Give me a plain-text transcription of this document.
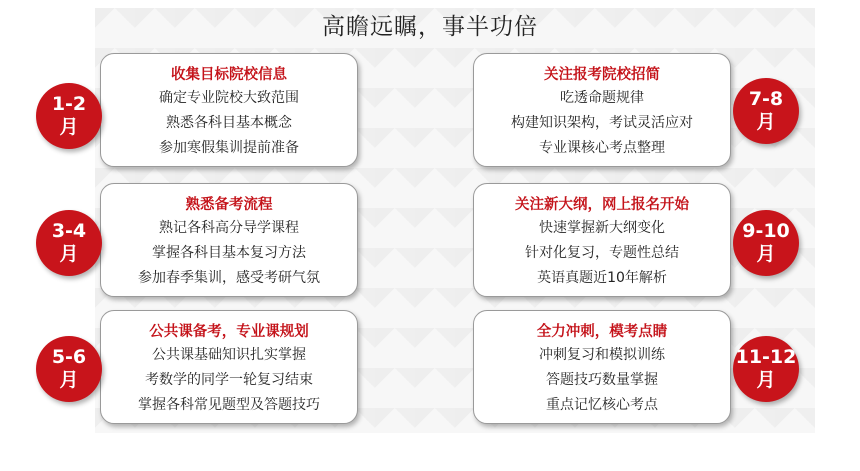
高瞻远瞩，事半功倍
收集目标院校信息
确定专业院校大致范围
熟悉各科目基本概念
参加寒假集训提前准备
1-2
月
熟悉备考流程
熟记各科高分导学课程
掌握各科目基本复习方法
参加春季集训，感受考研气氛
3-4
月
公共课备考，专业课规划
公共课基础知识扎实掌握
考数学的同学一轮复习结束
掌握各科常见题型及答题技巧
5-6
月
关注报考院校招简
吃透命题规律
构建知识架构，考试灵活应对
专业课核心考点整理
7-8
月
关注新大纲，网上报名开始
快速掌握新大纲变化
针对化复习，专题性总结
英语真题近10年解析
9-10
月
全力冲刺，模考点睛
冲刺复习和模拟训练
答题技巧数量掌握
重点记忆核心考点
11-12
月
